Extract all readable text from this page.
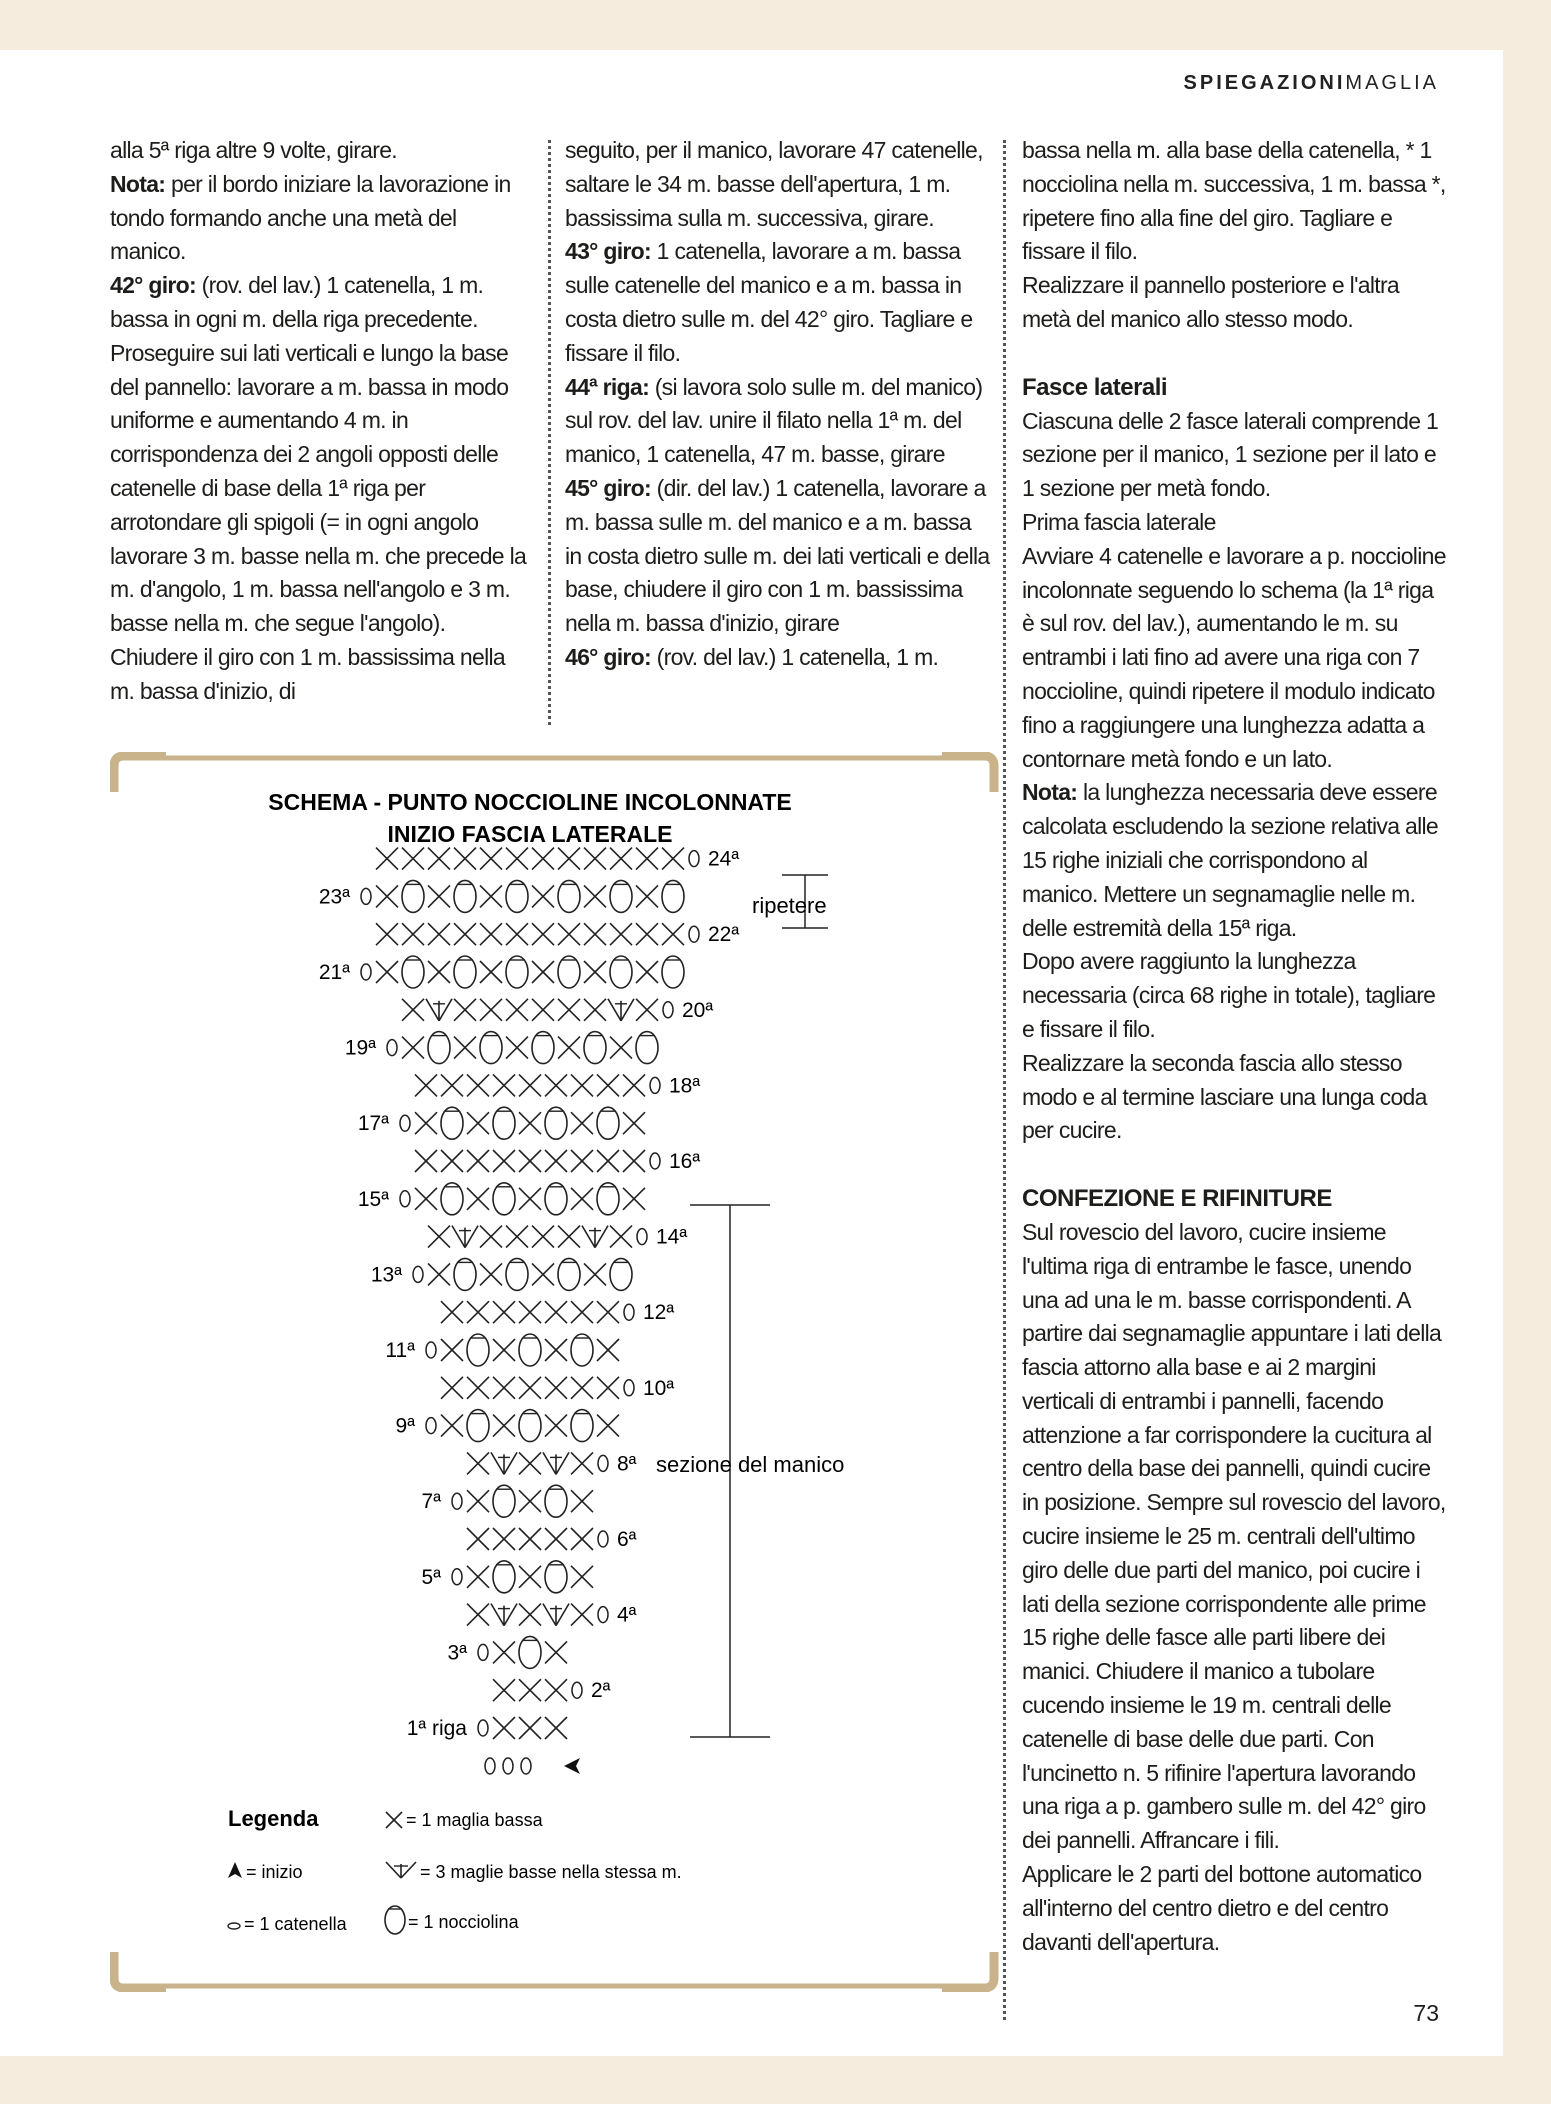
SPIEGAZIONIMAGLIA

alla 5ª riga altre 9 volte, girare.

Nota: per il bordo iniziare la lavorazione in tondo formando anche una metà del manico.

42° giro: (rov. del lav.) 1 catenella, 1 m. bassa in ogni m. della riga precedente. Proseguire sui lati verticali e lungo la base del pannello: lavorare a m. bassa in modo uniforme e aumentando 4 m. in corrispondenza dei 2 angoli opposti delle catenelle di base della 1ª riga per arrotondare gli spigoli (= in ogni angolo lavorare 3 m. basse nella m. che precede la m. d'angolo, 1 m. bassa nell'angolo e 3 m. basse nella m. che segue l'angolo). Chiudere il giro con 1 m. bassissima nella m. bassa d'inizio, di

seguito, per il manico, lavorare 47 catenelle, saltare le 34 m. basse dell'apertura, 1 m. bassissima sulla m. successiva, girare.

43° giro: 1 catenella, lavorare a m. bassa sulle catenelle del manico e a m. bassa in costa dietro sulle m. del 42° giro. Tagliare e fissare il filo.

44ª riga: (si lavora solo sulle m. del manico) sul rov. del lav. unire il filato nella 1ª m. del manico, 1 catenella, 47 m. basse, girare

45° giro: (dir. del lav.) 1 catenella, lavorare a m. bassa sulle m. del manico e a m. bassa in costa dietro sulle m. dei lati verticali e della base, chiudere il giro con 1 m. bassissima nella m. bassa d'inizio, girare

46° giro: (rov. del lav.) 1 catenella, 1 m.

bassa nella m. alla base della catenella, * 1 nocciolina nella m. successiva, 1 m. bassa *, ripetere fino alla fine del giro. Tagliare e fissare il filo.

Realizzare il pannello posteriore e l'altra metà del manico allo stesso modo.

Fasce laterali

Ciascuna delle 2 fasce laterali comprende 1 sezione per il manico, 1 sezione per il lato e 1 sezione per metà fondo.

Prima fascia laterale

Avviare 4 catenelle e lavorare a p. noccioline incolonnate seguendo lo schema (la 1ª riga è sul rov. del lav.), aumentando le m. su entrambi i lati fino ad avere una riga con 7 noccioline, quindi ripetere il modulo indicato fino a raggiungere una lunghezza adatta a contornare metà fondo e un lato.

Nota: la lunghezza necessaria deve essere calcolata escludendo la sezione relativa alle 15 righe iniziali che corrispondono al manico. Mettere un segnamaglie nelle m. delle estremità della 15ª riga.

Dopo avere raggiunto la lunghezza necessaria (circa 68 righe in totale), tagliare e fissare il filo.

Realizzare la seconda fascia allo stesso modo e al termine lasciare una lunga coda per cucire.

CONFEZIONE E RIFINITURE

Sul rovescio del lavoro, cucire insieme l'ultima riga di entrambe le fasce, unendo una ad una le m. basse corrispondenti. A partire dai segnamaglie appuntare i lati della fascia attorno alla base e ai 2 margini verticali di entrambi i pannelli, facendo attenzione a far corrispondere la cucitura al centro della base dei pannelli, quindi cucire in posizione. Sempre sul rovescio del lavoro, cucire insieme le 25 m. centrali dell'ultimo giro delle due parti del manico, poi cucire i lati della sezione corrispondente alle prime 15 righe delle fasce alle parti libere dei manici. Chiudere il manico a tubolare cucendo insieme le 19 m. centrali delle catenelle di base delle due parti. Con l'uncinetto n. 5 rifinire l'apertura lavorando una riga a p. gambero sulle m. del 42° giro dei pannelli. Affrancare i fili.

Applicare le 2 parti del bottone automatico all'interno del centro dietro e del centro davanti dell'apertura.

SCHEMA - PUNTO NOCCIOLINE INCOLONNATE
INIZIO FASCIA LATERALE
1ª riga
2ª
3ª
4ª
5ª
6ª
7ª
8ª
9ª
10ª
11ª
12ª
13ª
14ª
15ª
16ª
17ª
18ª
19ª
20ª
21ª
22ª
23ª
24ª
ripetere
sezione del manico
Legenda	= 1 maglia bassa
= inizio	= 3 maglie basse nella stessa m.
= 1 catenella	= 1 nocciolina
73
